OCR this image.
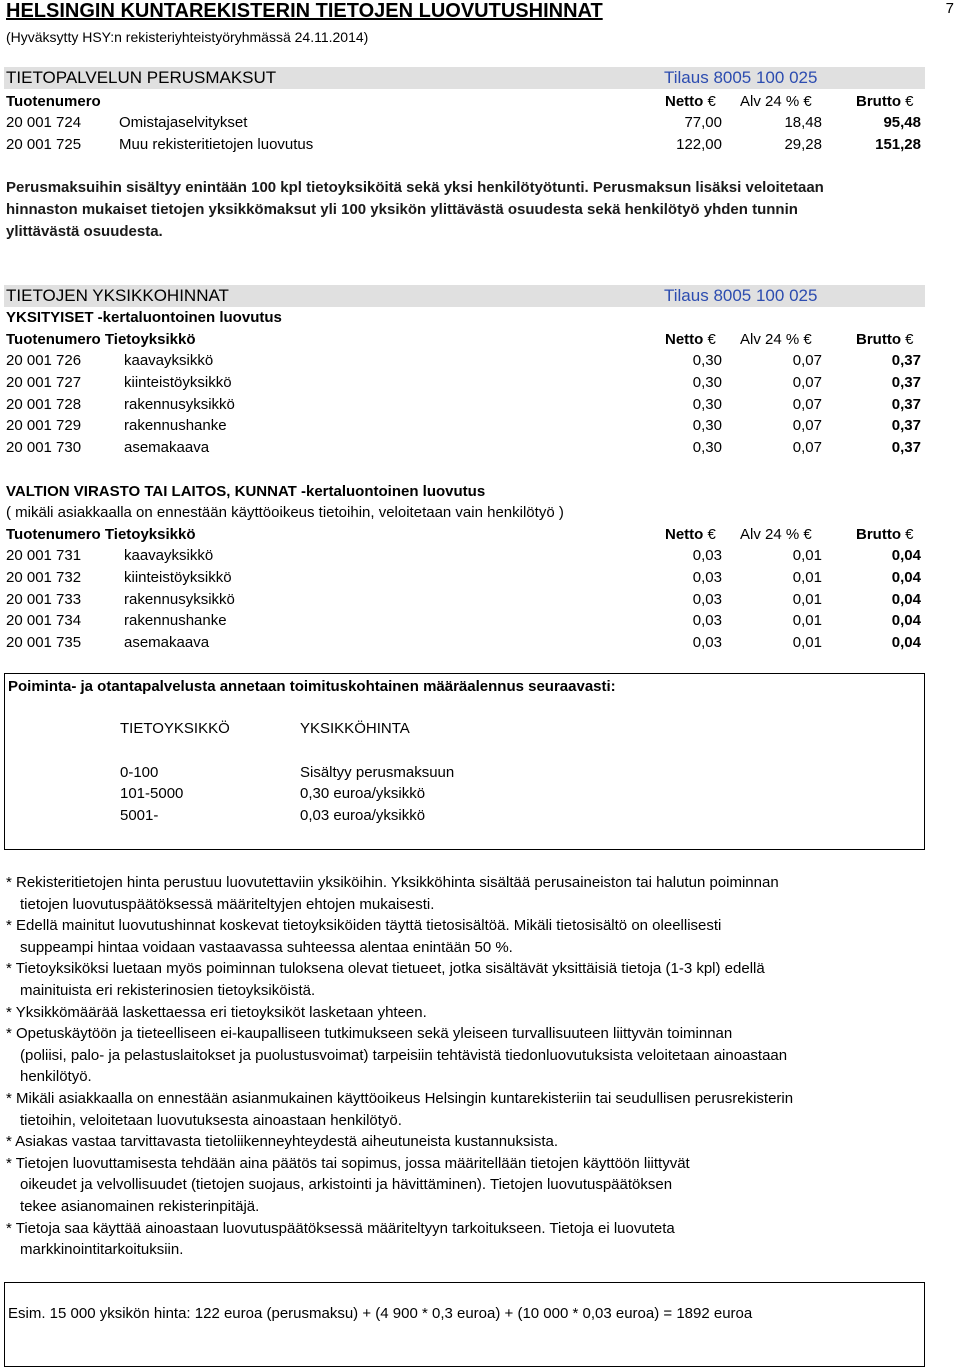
HELSINGIN KUNTAREKISTERIN TIETOJEN LUOVUTUSHINNAT
(Hyväksytty HSY:n rekisteriyhteistyöryhmässä 24.11.2014)
7
TIETOPALVELUN PERUSMAKSUT	Tilaus 8005 100 025
Tuotenumero	Netto € Alv 24 % €	Brutto €
20 001 724	Omistajaselvitykset	77,00	18,48	95,48
20 001 725	Muu rekisteritietojen luovutus	122,00	29,28	151,28
Perusmaksuihin sisältyy enintään 100 kpl tietoyksiköitä sekä yksi henkilötyötunti. Perusmaksun lisäksi veloitetaan
hinnaston mukaiset tietojen yksikkömaksut yli 100 yksikön ylittävästä osuudesta sekä henkilötyö yhden tunnin
ylittävästä osuudesta.
TIETOJEN YKSIKKOHINNAT	Tilaus 8005 100 025
YKSITYISET -kertaluontoinen luovutus
Tuotenumero Tietoyksikkö	Netto € Alv 24 % €	Brutto €
20 001 726	kaavayksikkö	0,30	0,07	0,37
20 001 727	kiinteistöyksikkö	0,30	0,07	0,37
20 001 728	rakennusyksikkö	0,30	0,07	0,37
20 001 729	rakennushanke	0,30	0,07	0,37
20 001 730	asemakaava	0,30	0,07	0,37
VALTION VIRASTO TAI LAITOS, KUNNAT -kertaluontoinen luovutus
( mikäli asiakkaalla on ennestään käyttöoikeus tietoihin, veloitetaan vain henkilötyö )
Tuotenumero Tietoyksikkö	Netto € Alv 24 % €	Brutto €
20 001 731	kaavayksikkö	0,03	0,01	0,04
20 001 732	kiinteistöyksikkö	0,03	0,01	0,04
20 001 733	rakennusyksikkö	0,03	0,01	0,04
20 001 734	rakennushanke	0,03	0,01	0,04
20 001 735	asemakaava	0,03	0,01	0,04
Poiminta- ja otantapalvelusta annetaan toimituskohtainen määräalennus seuraavasti:
TIETOYKSIKKÖ	YKSIKKÖHINTA
0-100	Sisältyy perusmaksuun
101-5000	0,30 euroa/yksikkö
5001-	0,03 euroa/yksikkö
* Rekisteritietojen hinta perustuu luovutettaviin yksiköihin. Yksikköhinta sisältää perusaineiston tai halutun poiminnan
tietojen luovutuspäätöksessä määriteltyjen ehtojen mukaisesti.
* Edellä mainitut luovutushinnat koskevat tietoyksiköiden täyttä tietosisältöä. Mikäli tietosisältö on oleellisesti
suppeampi hintaa voidaan vastaavassa suhteessa alentaa enintään 50 %.
* Tietoyksiköksi luetaan myös poiminnan tuloksena olevat tietueet, jotka sisältävät yksittäisiä tietoja (1-3 kpl) edellä
mainituista eri rekisterinosien tietoyksiköistä.
* Yksikkömäärää laskettaessa eri tietoyksiköt lasketaan yhteen.
* Opetuskäytöön ja tieteelliseen ei-kaupalliseen tutkimukseen sekä yleiseen turvallisuuteen liittyvän toiminnan
(poliisi, palo- ja pelastuslaitokset ja puolustusvoimat) tarpeisiin tehtävistä tiedonluovutuksista veloitetaan ainoastaan
henkilötyö.
* Mikäli asiakkaalla on ennestään asianmukainen käyttöoikeus Helsingin kuntarekisteriin tai seudullisen perusrekisterin
tietoihin, veloitetaan luovutuksesta ainoastaan henkilötyö.
* Asiakas vastaa tarvittavasta tietoliikenneyhteydestä aiheutuneista kustannuksista.
* Tietojen luovuttamisesta tehdään aina päätös tai sopimus, jossa määritellään tietojen käyttöön liittyvät
oikeudet ja velvollisuudet (tietojen suojaus, arkistointi ja hävittäminen). Tietojen luovutuspäätöksen
tekee asianomainen rekisterinpitäjä.
* Tietoja saa käyttää ainoastaan luovutuspäätöksessä määriteltyyn tarkoitukseen. Tietoja ei luovuteta
markkinointitarkoituksiin.
Esim. 15 000 yksikön hinta: 122 euroa (perusmaksu) + (4 900 * 0,3 euroa) + (10 000 * 0,03 euroa) = 1892 euroa
